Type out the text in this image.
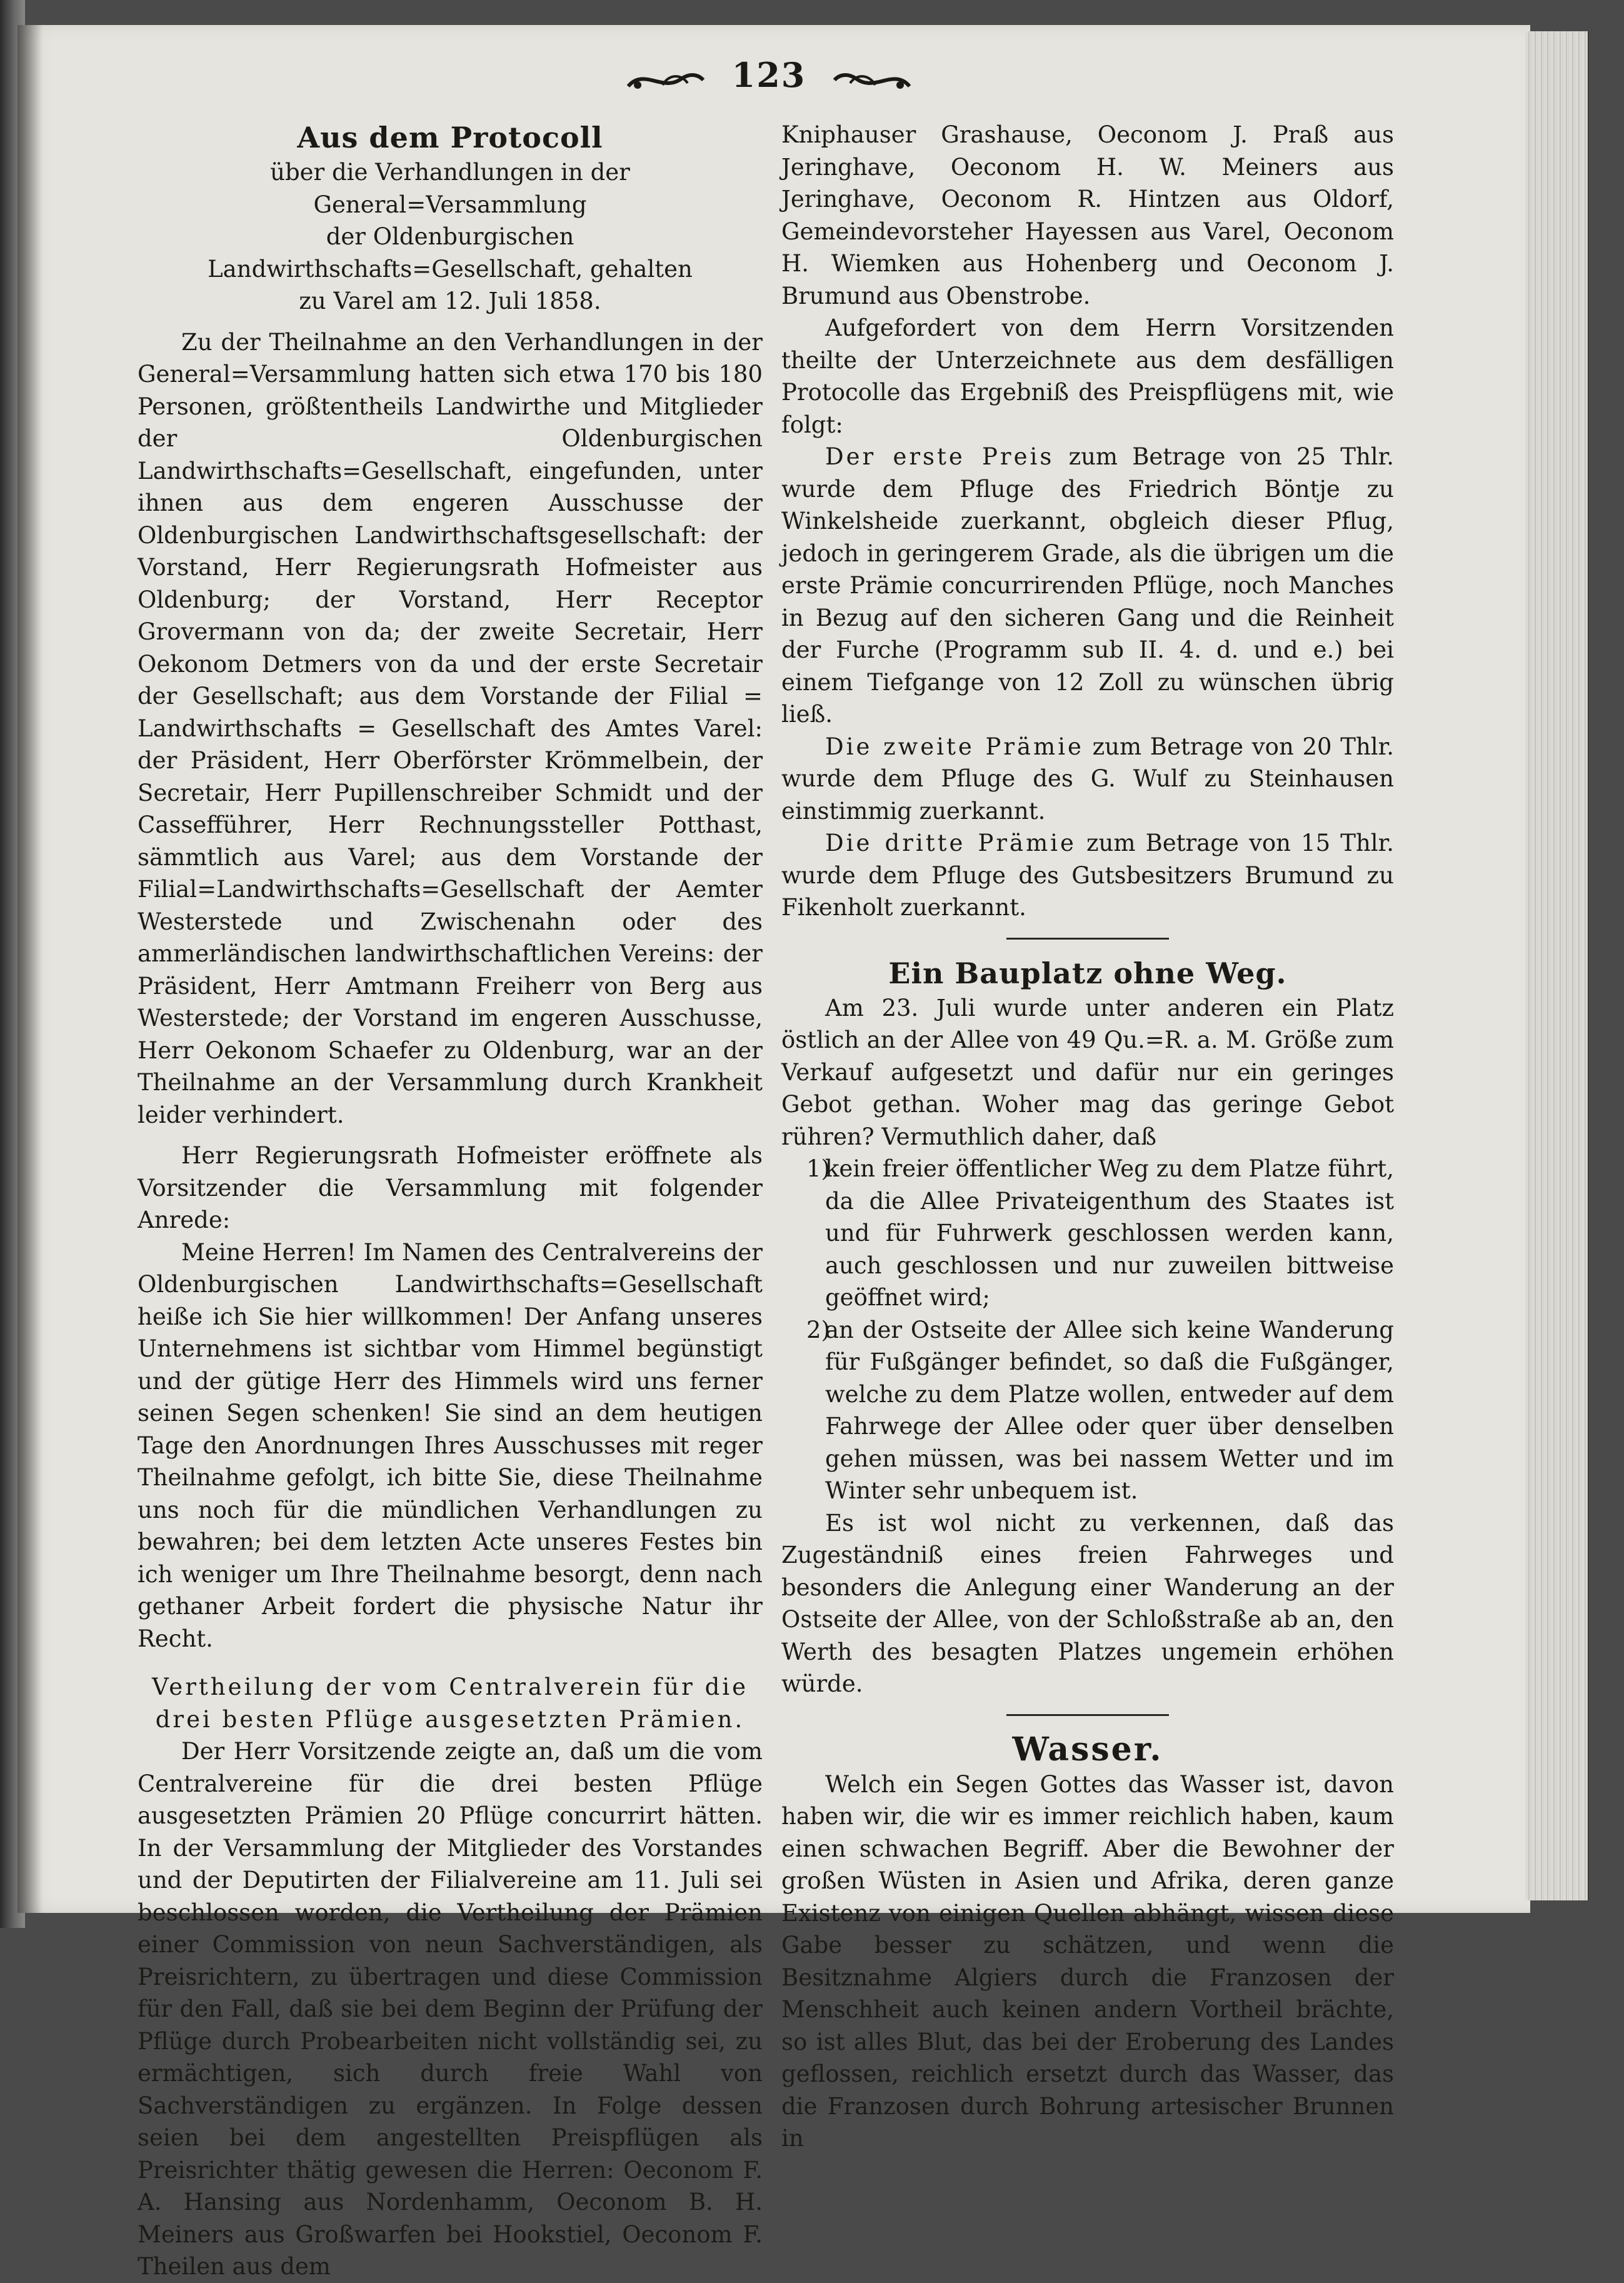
123
Aus dem Protocoll

über die Verhandlungen in der General=Versammlung

der Oldenburgischen Landwirthschafts=Gesellschaft, gehalten

zu Varel am 12. Juli 1858.

Zu der Theilnahme an den Verhandlungen in der General=Versammlung hatten sich etwa 170 bis 180 Personen, größtentheils Landwirthe und Mitglieder der Oldenburgischen Landwirthschafts=Gesellschaft, eingefunden, unter ihnen aus dem engeren Ausschusse der Oldenburgischen Landwirthschaftsgesellschaft: der Vorstand, Herr Regierungsrath Hofmeister aus Oldenburg; der Vorstand, Herr Receptor Grovermann von da; der zweite Secretair, Herr Oekonom Detmers von da und der erste Secretair der Gesellschaft; aus dem Vorstande der Filial = Landwirthschafts = Gesellschaft des Amtes Varel: der Präsident, Herr Oberförster Krömmelbein, der Secretair, Herr Pupillenschreiber Schmidt und der Cassefführer, Herr Rechnungssteller Potthast, sämmtlich aus Varel; aus dem Vorstande der Filial=Landwirthschafts=Gesellschaft der Aemter Westerstede und Zwischenahn oder des ammerländischen landwirthschaftlichen Vereins: der Präsident, Herr Amtmann Freiherr von Berg aus Westerstede; der Vorstand im engeren Ausschusse, Herr Oekonom Schaefer zu Oldenburg, war an der Theilnahme an der Versammlung durch Krankheit leider verhindert.

Herr Regierungsrath Hofmeister eröffnete als Vorsitzender die Versammlung mit folgender Anrede:

Meine Herren! Im Namen des Centralvereins der Oldenburgischen Landwirthschafts=Gesellschaft heiße ich Sie hier willkommen! Der Anfang unseres Unternehmens ist sichtbar vom Himmel begünstigt und der gütige Herr des Himmels wird uns ferner seinen Segen schenken! Sie sind an dem heutigen Tage den Anordnungen Ihres Ausschusses mit reger Theilnahme gefolgt, ich bitte Sie, diese Theilnahme uns noch für die mündlichen Verhandlungen zu bewahren; bei dem letzten Acte unseres Festes bin ich weniger um Ihre Theilnahme besorgt, denn nach gethaner Arbeit fordert die physische Natur ihr Recht.

Vertheilung der vom Centralverein für die

drei besten Pflüge ausgesetzten Prämien.

Der Herr Vorsitzende zeigte an, daß um die vom Centralvereine für die drei besten Pflüge ausgesetzten Prämien 20 Pflüge concurrirt hätten. In der Versammlung der Mitglieder des Vorstandes und der Deputirten der Filialvereine am 11. Juli sei beschlossen worden, die Vertheilung der Prämien einer Commission von neun Sachverständigen, als Preisrichtern, zu übertragen und diese Commission für den Fall, daß sie bei dem Beginn der Prüfung der Pflüge durch Probearbeiten nicht vollständig sei, zu ermächtigen, sich durch freie Wahl von Sachverständigen zu ergänzen. In Folge dessen seien bei dem angestellten Preispflügen als Preisrichter thätig gewesen die Herren: Oeconom F. A. Hansing aus Nordenhamm, Oeconom B. H. Meiners aus Großwarfen bei Hookstiel, Oeconom F. Theilen aus dem

Kniphauser Grashause, Oeconom J. Praß aus Jeringhave, Oeconom H. W. Meiners aus Jeringhave, Oeconom R. Hintzen aus Oldorf, Gemeindevorsteher Hayessen aus Varel, Oeconom H. Wiemken aus Hohenberg und Oeconom J. Brumund aus Obenstrobe.

Aufgefordert von dem Herrn Vorsitzenden theilte der Unterzeichnete aus dem desfälligen Protocolle das Ergebniß des Preispflügens mit, wie folgt:

Der erste Preis zum Betrage von 25 Thlr. wurde dem Pfluge des Friedrich Böntje zu Winkelsheide zuerkannt, obgleich dieser Pflug, jedoch in geringerem Grade, als die übrigen um die erste Prämie concurrirenden Pflüge, noch Manches in Bezug auf den sicheren Gang und die Reinheit der Furche (Programm sub II. 4. d. und e.) bei einem Tiefgange von 12 Zoll zu wünschen übrig ließ.

Die zweite Prämie zum Betrage von 20 Thlr. wurde dem Pfluge des G. Wulf zu Steinhausen einstimmig zuerkannt.

Die dritte Prämie zum Betrage von 15 Thlr. wurde dem Pfluge des Gutsbesitzers Brumund zu Fikenholt zuerkannt.

Ein Bauplatz ohne Weg.

Am 23. Juli wurde unter anderen ein Platz östlich an der Allee von 49 Qu.=R. a. M. Größe zum Verkauf aufgesetzt und dafür nur ein geringes Gebot gethan. Woher mag das geringe Gebot rühren? Vermuthlich daher, daß

1)
kein freier öffentlicher Weg zu dem Platze führt, da die Allee Privateigenthum des Staates ist und für Fuhrwerk geschlossen werden kann, auch geschlossen und nur zuweilen bittweise geöffnet wird;
2)
an der Ostseite der Allee sich keine Wanderung für Fußgänger befindet, so daß die Fußgänger, welche zu dem Platze wollen, entweder auf dem Fahrwege der Allee oder quer über denselben gehen müssen, was bei nassem Wetter und im Winter sehr unbequem ist.

Es ist wol nicht zu verkennen, daß das Zugeständniß eines freien Fahrweges und besonders die Anlegung einer Wanderung an der Ostseite der Allee, von der Schloßstraße ab an, den Werth des besagten Platzes ungemein erhöhen würde.

Wasser.

Welch ein Segen Gottes das Wasser ist, davon haben wir, die wir es immer reichlich haben, kaum einen schwachen Begriff. Aber die Bewohner der großen Wüsten in Asien und Afrika, deren ganze Existenz von einigen Quellen abhängt, wissen diese Gabe besser zu schätzen, und wenn die Besitznahme Algiers durch die Franzosen der Menschheit auch keinen andern Vortheil brächte, so ist alles Blut, das bei der Eroberung des Landes geflossen, reichlich ersetzt durch das Wasser, das die Franzosen durch Bohrung artesischer Brunnen in
